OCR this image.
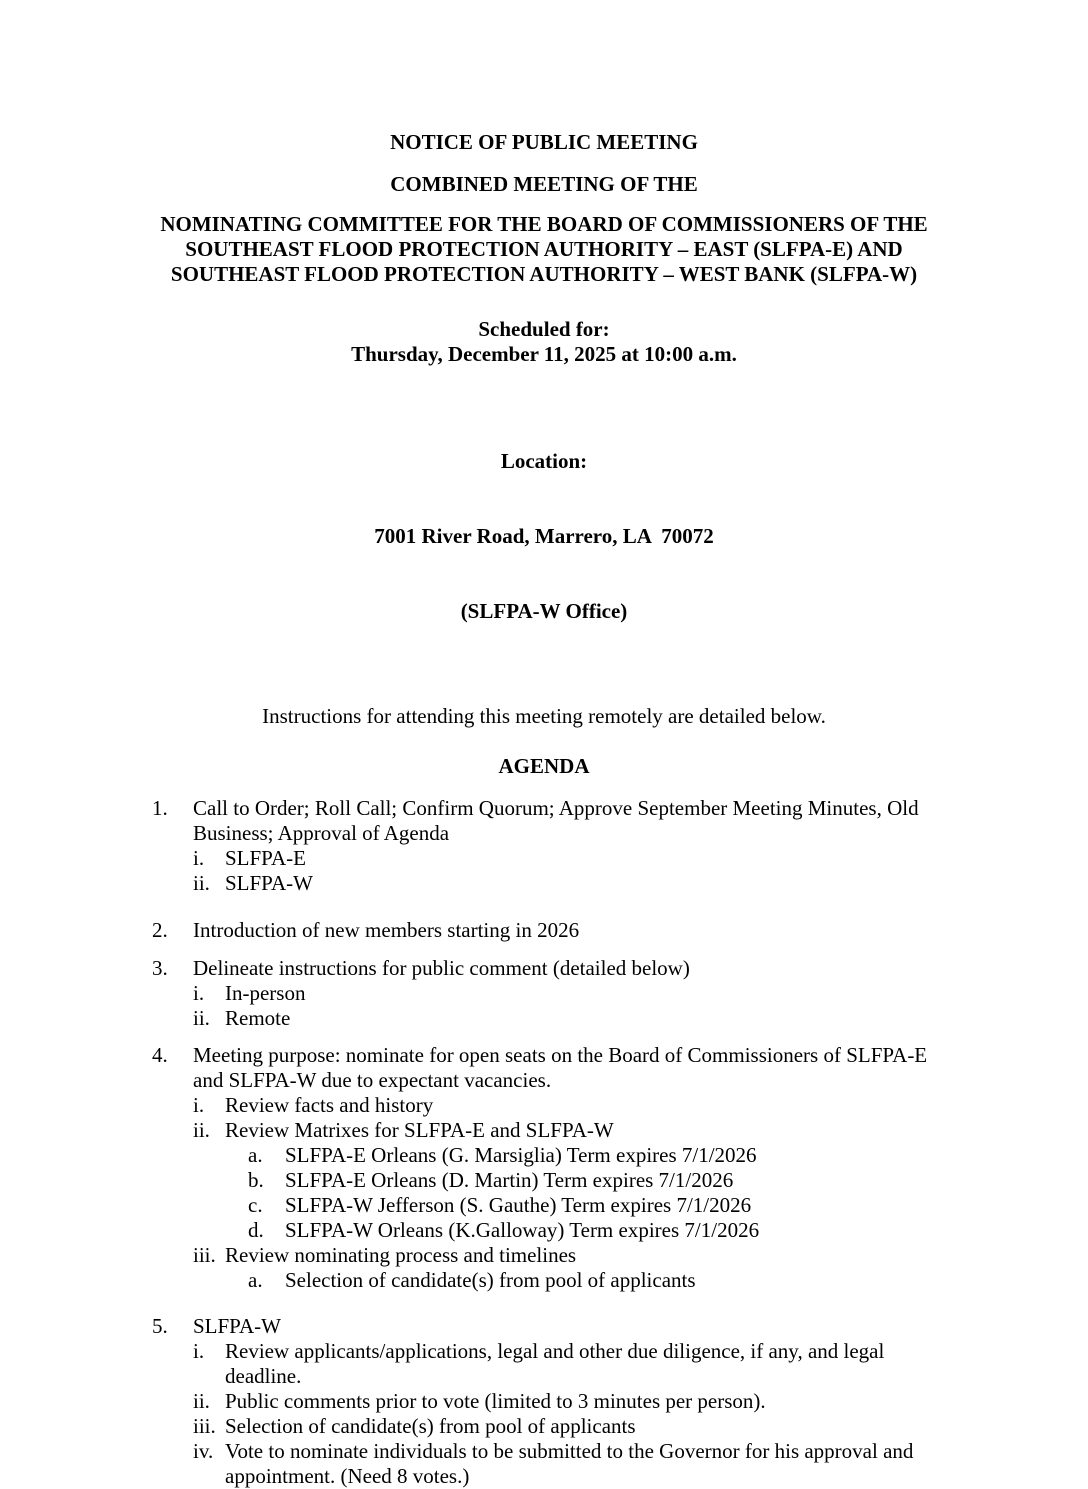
NOTICE OF PUBLIC MEETING
COMBINED MEETING OF THE
NOMINATING COMMITTEE FOR THE BOARD OF COMMISSIONERS OF THE
SOUTHEAST FLOOD PROTECTION AUTHORITY – EAST (SLFPA-E) AND
SOUTHEAST FLOOD PROTECTION AUTHORITY – WEST BANK (SLFPA-W)
Scheduled for:
Thursday, December 11, 2025 at 10:00 a.m.

Location:

7001 River Road, Marrero, LA  70072

(SLFPA-W Office)

Instructions for attending this meeting remotely are detailed below.
AGENDA
1.	Call to Order; Roll Call; Confirm Quorum; Approve September Meeting Minutes, Old Business; Approval of Agenda
i. SLFPA-E
ii. SLFPA-W
2.	Introduction of new members starting in 2026
3.	Delineate instructions for public comment (detailed below)
i. In-person
ii. Remote
4.	Meeting purpose: nominate for open seats on the Board of Commissioners of SLFPA-E and SLFPA-W due to expectant vacancies.
i. Review facts and history
ii. Review Matrixes for SLFPA-E and SLFPA-W
a.	SLFPA-E Orleans (G. Marsiglia) Term expires 7/1/2026
b.	SLFPA-E Orleans (D. Martin) Term expires 7/1/2026
c.	SLFPA-W Jefferson (S. Gauthe) Term expires 7/1/2026
d.	SLFPA-W Orleans (K.Galloway) Term expires 7/1/2026
iii. Review nominating process and timelines
a.	Selection of candidate(s) from pool of applicants
5.	SLFPA-W
i. Review applicants/applications, legal and other due diligence, if any, and legal deadline.
ii. Public comments prior to vote (limited to 3 minutes per person).
iii. Selection of candidate(s) from pool of applicants
iv. Vote to nominate individuals to be submitted to the Governor for his approval and appointment. (Need 8 votes.)
